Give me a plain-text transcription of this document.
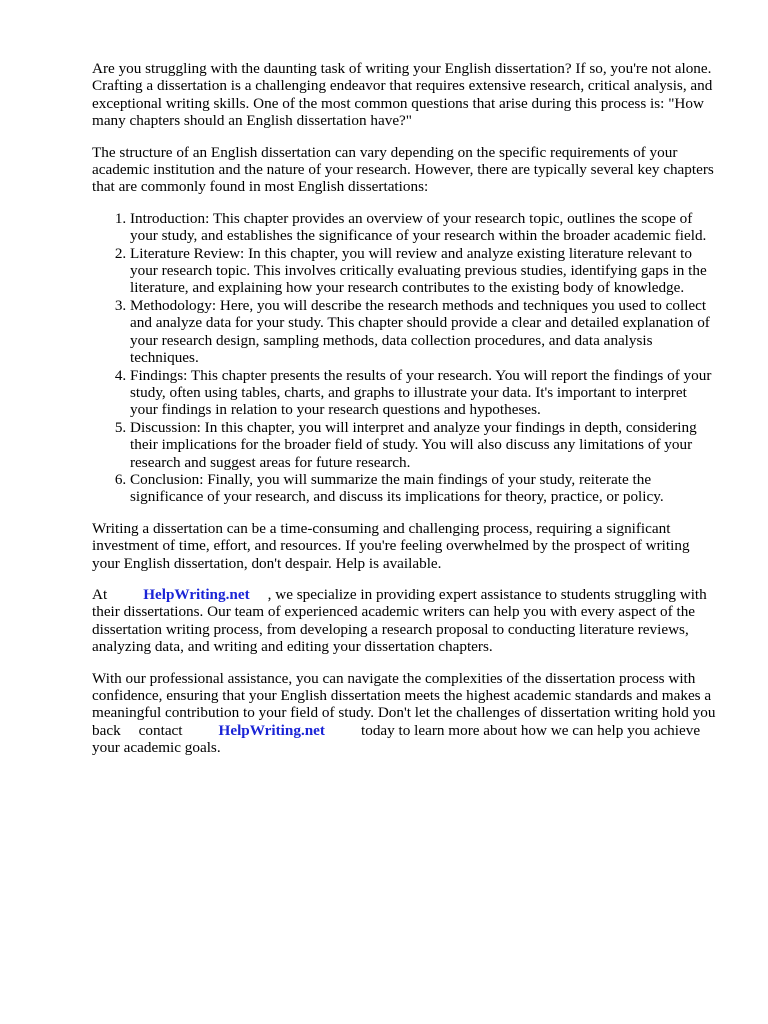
Are you struggling with the daunting task of writing your English dissertation? If so, you're not alone. Crafting a dissertation is a challenging endeavor that requires extensive research, critical analysis, and exceptional writing skills. One of the most common questions that arise during this process is: "How many chapters should an English dissertation have?"

The structure of an English dissertation can vary depending on the specific requirements of your academic institution and the nature of your research. However, there are typically several key chapters that are commonly found in most English dissertations:

1. Introduction: This chapter provides an overview of your research topic, outlines the scope of your study, and establishes the significance of your research within the broader academic field.
2. Literature Review: In this chapter, you will review and analyze existing literature relevant to your research topic. This involves critically evaluating previous studies, identifying gaps in the literature, and explaining how your research contributes to the existing body of knowledge.
3. Methodology: Here, you will describe the research methods and techniques you used to collect and analyze data for your study. This chapter should provide a clear and detailed explanation of your research design, sampling methods, data collection procedures, and data analysis techniques.
4. Findings: This chapter presents the results of your research. You will report the findings of your study, often using tables, charts, and graphs to illustrate your data. It's important to interpret your findings in relation to your research questions and hypotheses.
5. Discussion: In this chapter, you will interpret and analyze your findings in depth, considering their implications for the broader field of study. You will also discuss any limitations of your research and suggest areas for future research.
6. Conclusion: Finally, you will summarize the main findings of your study, reiterate the significance of your research, and discuss its implications for theory, practice, or policy.

Writing a dissertation can be a time-consuming and challenging process, requiring a significant investment of time, effort, and resources. If you're feeling overwhelmed by the prospect of writing your English dissertation, don't despair. Help is available.

At HelpWriting.net , we specialize in providing expert assistance to students struggling with their dissertations. Our team of experienced academic writers can help you with every aspect of the dissertation writing process, from developing a research proposal to conducting literature reviews, analyzing data, and writing and editing your dissertation chapters.

With our professional assistance, you can navigate the complexities of the dissertation process with confidence, ensuring that your English dissertation meets the highest academic standards and makes a meaningful contribution to your field of study. Don't let the challenges of dissertation writing hold you back contact HelpWriting.net today to learn more about how we can help you achieve your academic goals.
